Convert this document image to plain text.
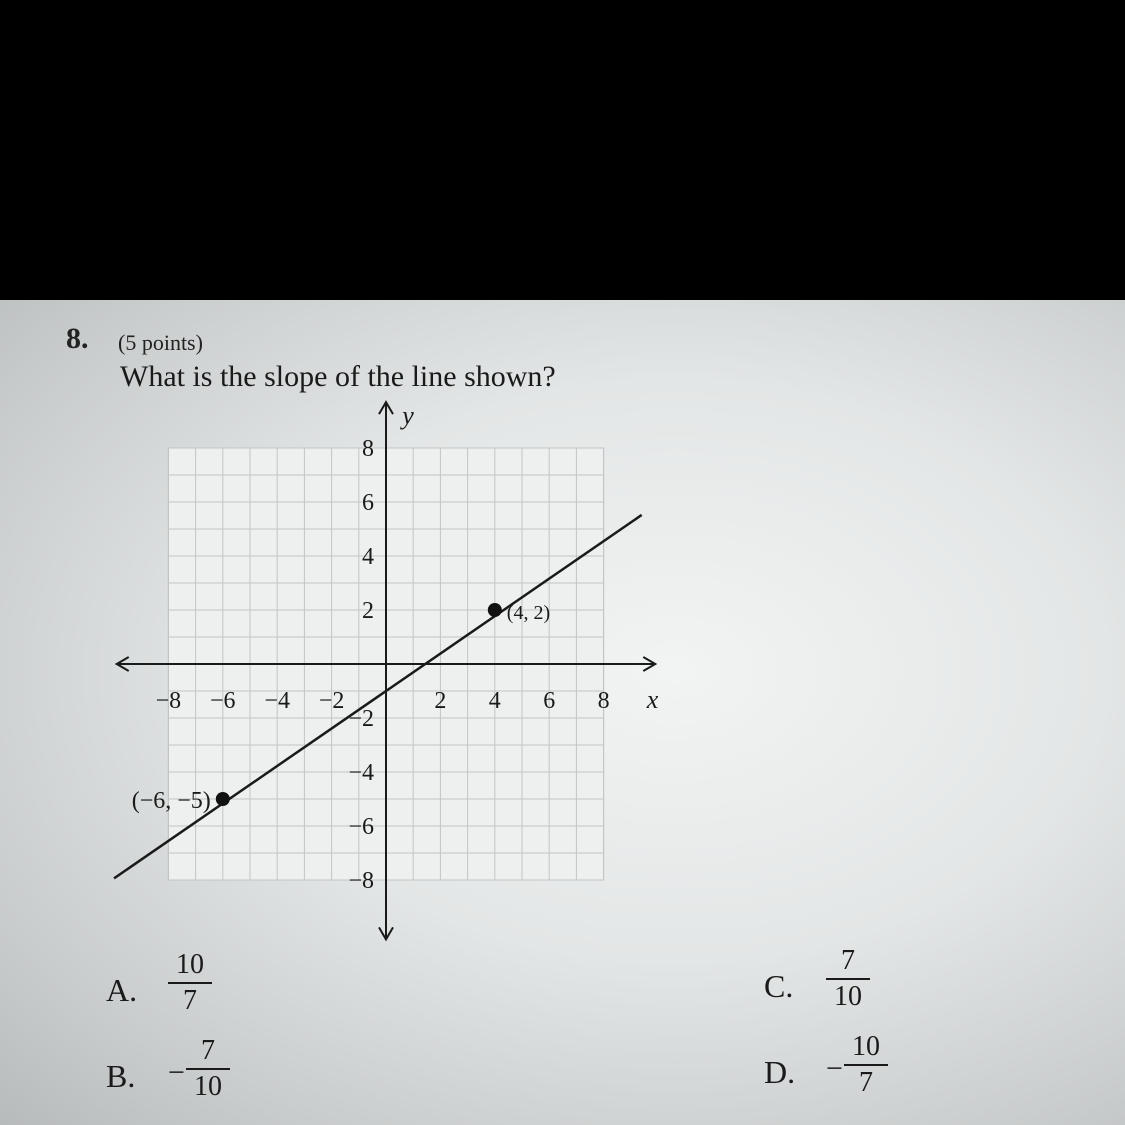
8. (5 points)
What is the slope of the line shown?
−8 −6 −4 −2	2 4 6 8
8
6
4
2
−2
−4
−6
−8
x
y
(−6, −5)
(4, 2)
A.
10
7
B. −
7
10
C.
7
10
D. −
10
7
